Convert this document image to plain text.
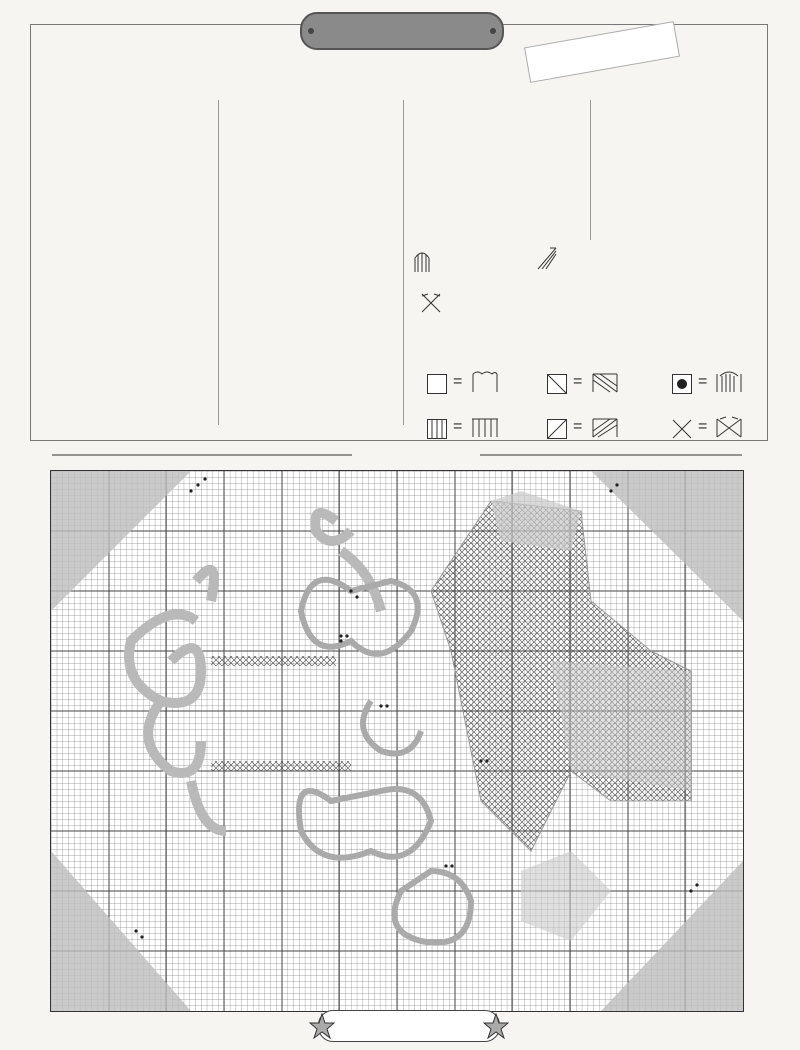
=	=	=
=	=	=
